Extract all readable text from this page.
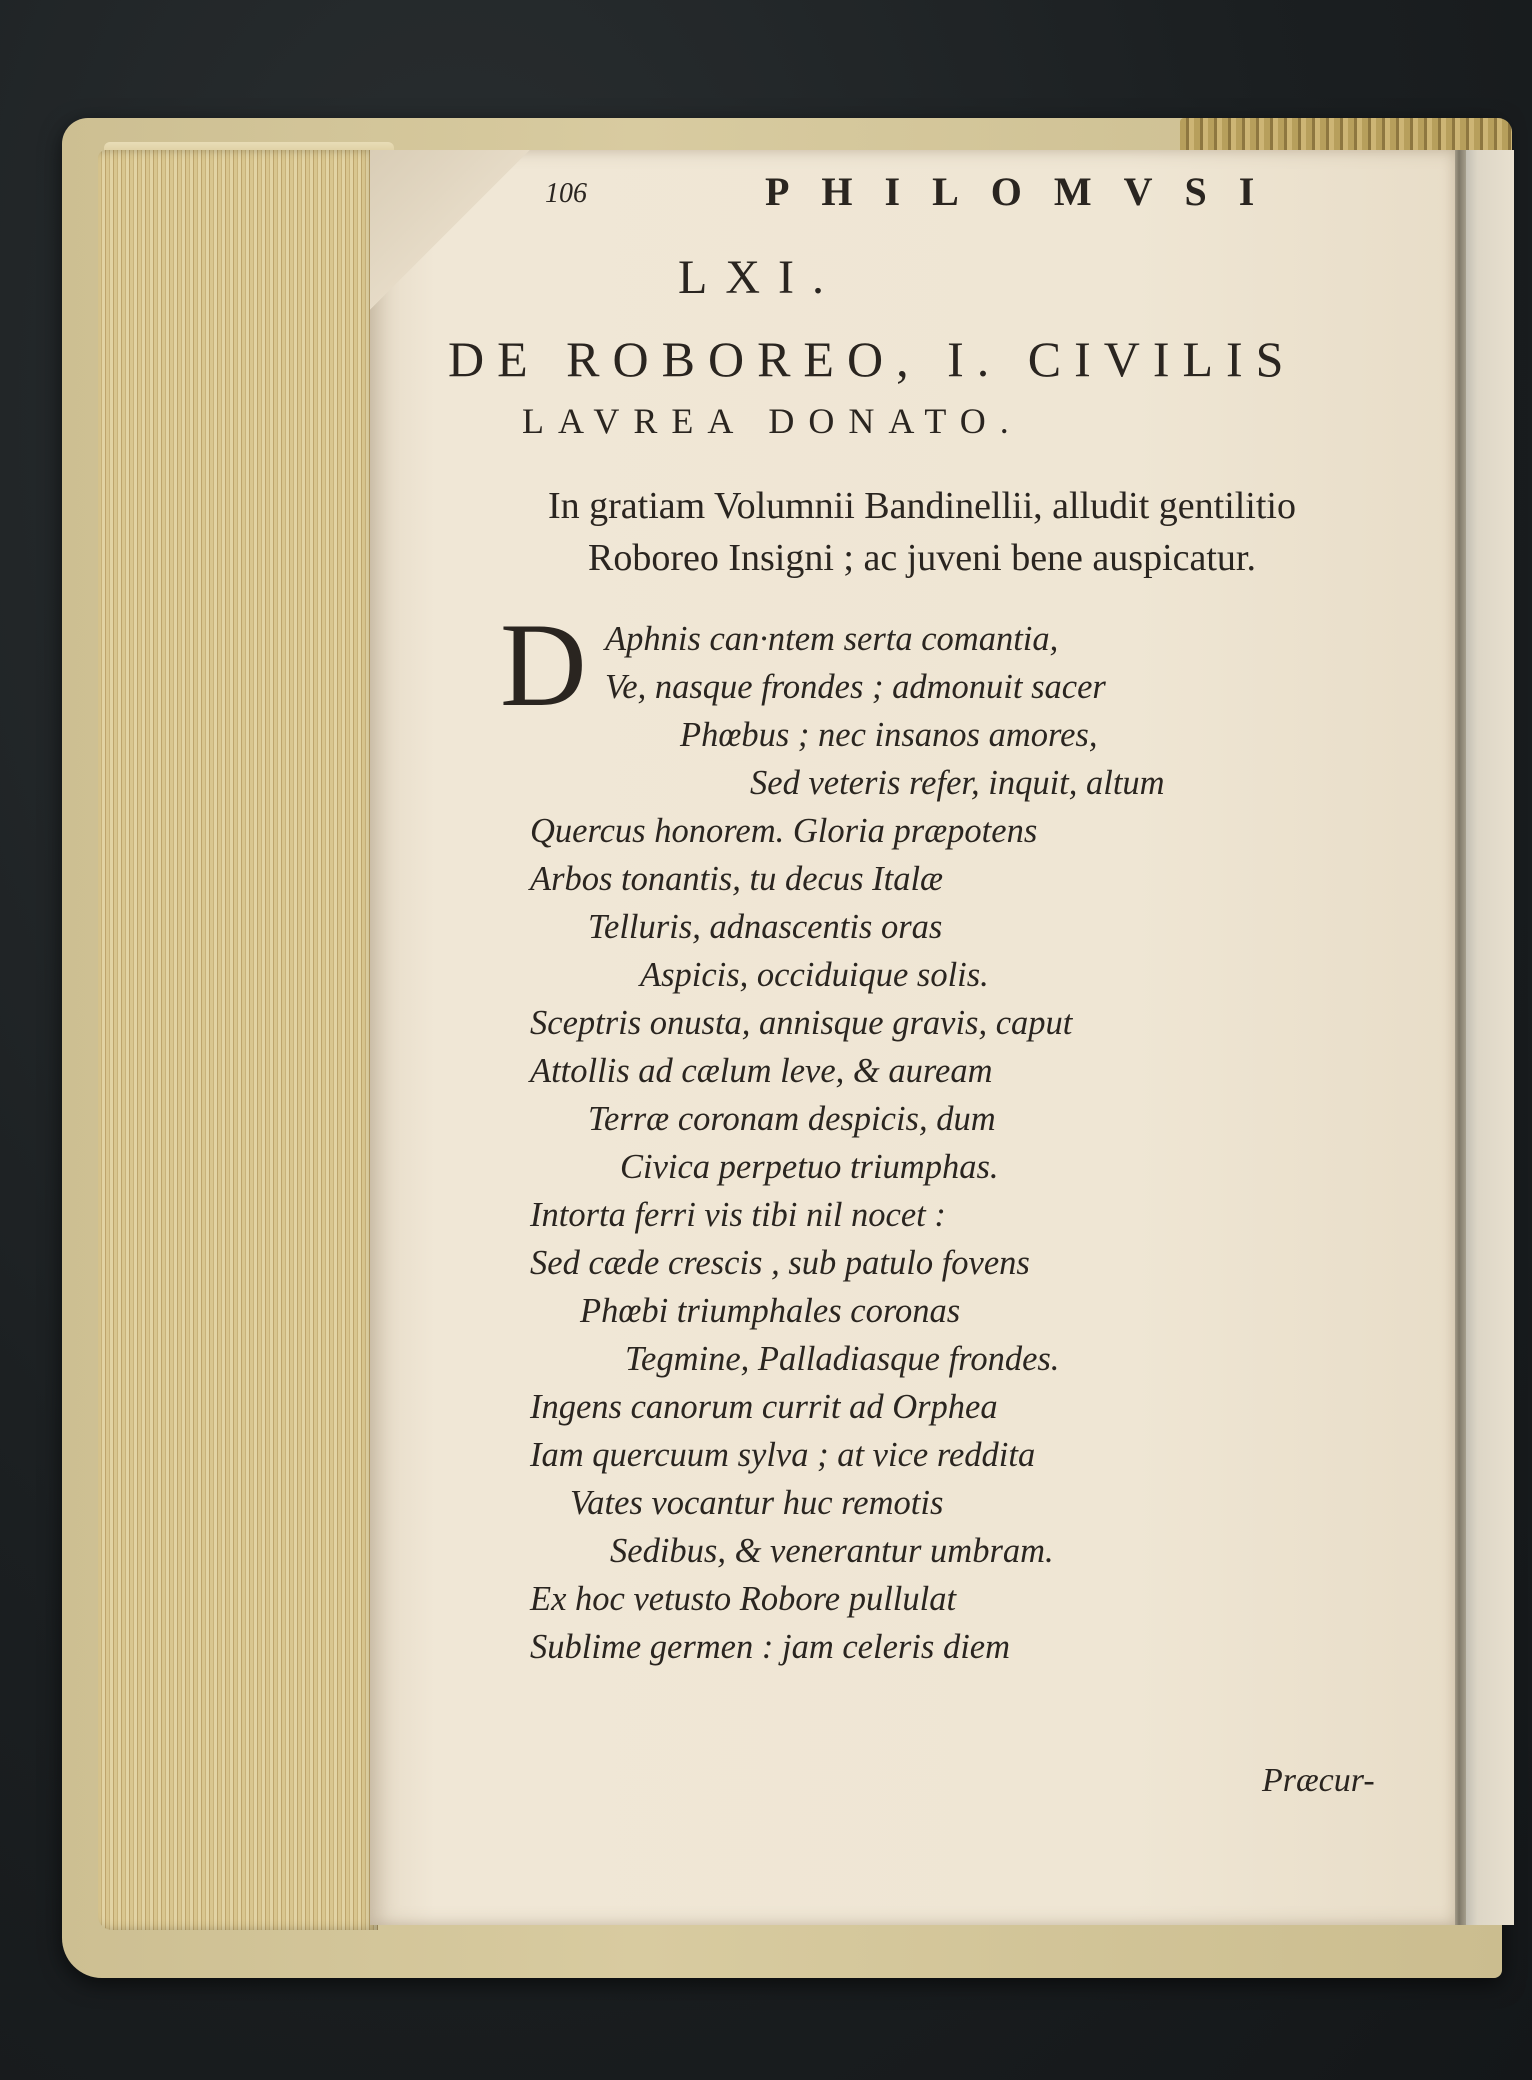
106	PHILOMVSI
LXI.
DE ROBOREO, I. CIVILIS
LAVREA DONATO.
In gratiam Volumnii Bandinellii, alludit gentilitio
Roboreo Insigni ; ac juveni bene auspicatur.
D Aphnis can·ntem serta comantia,
Ve, nasque frondes ; admonuit sacer
Phœbus ; nec insanos amores,
Sed veteris refer, inquit, altum
Quercus honorem. Gloria præpotens
Arbos tonantis, tu decus Italæ
Telluris, adnascentis oras
Aspicis, occiduique solis.
Sceptris onusta, annisque gravis, caput
Attollis ad cælum leve, & auream
Terræ coronam despicis, dum
Civica perpetuo triumphas.
Intorta ferri vis tibi nil nocet :
Sed cæde crescis , sub patulo fovens
Phœbi triumphales coronas
Tegmine, Palladiasque frondes.
Ingens canorum currit ad Orphea
Iam quercuum sylva ; at vice reddita
Vates vocantur huc remotis
Sedibus, & venerantur umbram.
Ex hoc vetusto Robore pullulat
Sublime germen : jam celeris diem
Præcur-
